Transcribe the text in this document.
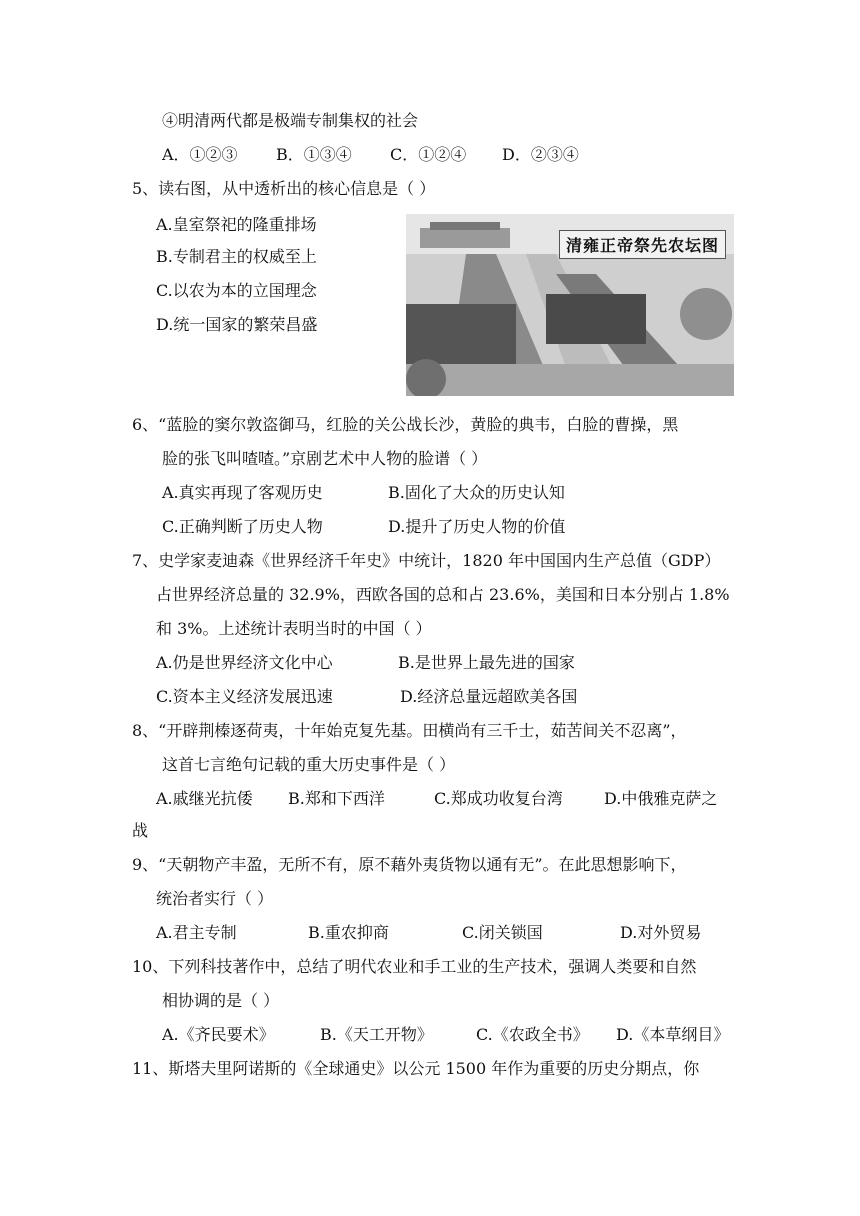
④明清两代都是极端专制集权的社会
A．①②③ B．①③④ C．①②④ D．②③④
5、读右图，从中透析出的核心信息是（ ）
A.皇室祭祀的隆重排场
B.专制君主的权威至上
C.以农为本的立国理念
D.统一国家的繁荣昌盛
清雍正帝祭先农坛图
6、“蓝脸的窦尔敦盗御马，红脸的关公战长沙，黄脸的典韦，白脸的曹操，黑
脸的张飞叫喳喳。”京剧艺术中人物的脸谱（ ）
A.真实再现了客观历史	B.固化了大众的历史认知
C.正确判断了历史人物	D.提升了历史人物的价值
7、史学家麦迪森《世界经济千年史》中统计，1820 年中国国内生产总值（GDP）
占世界经济总量的 32.9%，西欧各国的总和占 23.6%，美国和日本分别占 1.8%
和 3%。上述统计表明当时的中国（ ）
A.仍是世界经济文化中心	B.是世界上最先进的国家
C.资本主义经济发展迅速	D.经济总量远超欧美各国
8、“开辟荆榛逐荷夷，十年始克复先基。田横尚有三千士，茹苦间关不忍离”，
这首七言绝句记载的重大历史事件是（ ）
A.戚继光抗倭 B.郑和下西洋	C.郑成功收复台湾	D.中俄雅克萨之
战
9、“天朝物产丰盈，无所不有，原不藉外夷货物以通有无”。在此思想影响下，
统治者实行（ ）
A.君主专制	B.重农抑商	C.闭关锁国	D.对外贸易
10、下列科技著作中，总结了明代农业和手工业的生产技术，强调人类要和自然
相协调的是（ ）
A.《齐民要术》	B.《天工开物》	C.《农政全书》 D.《本草纲目》
11、斯塔夫里阿诺斯的《全球通史》以公元 1500 年作为重要的历史分期点，你
